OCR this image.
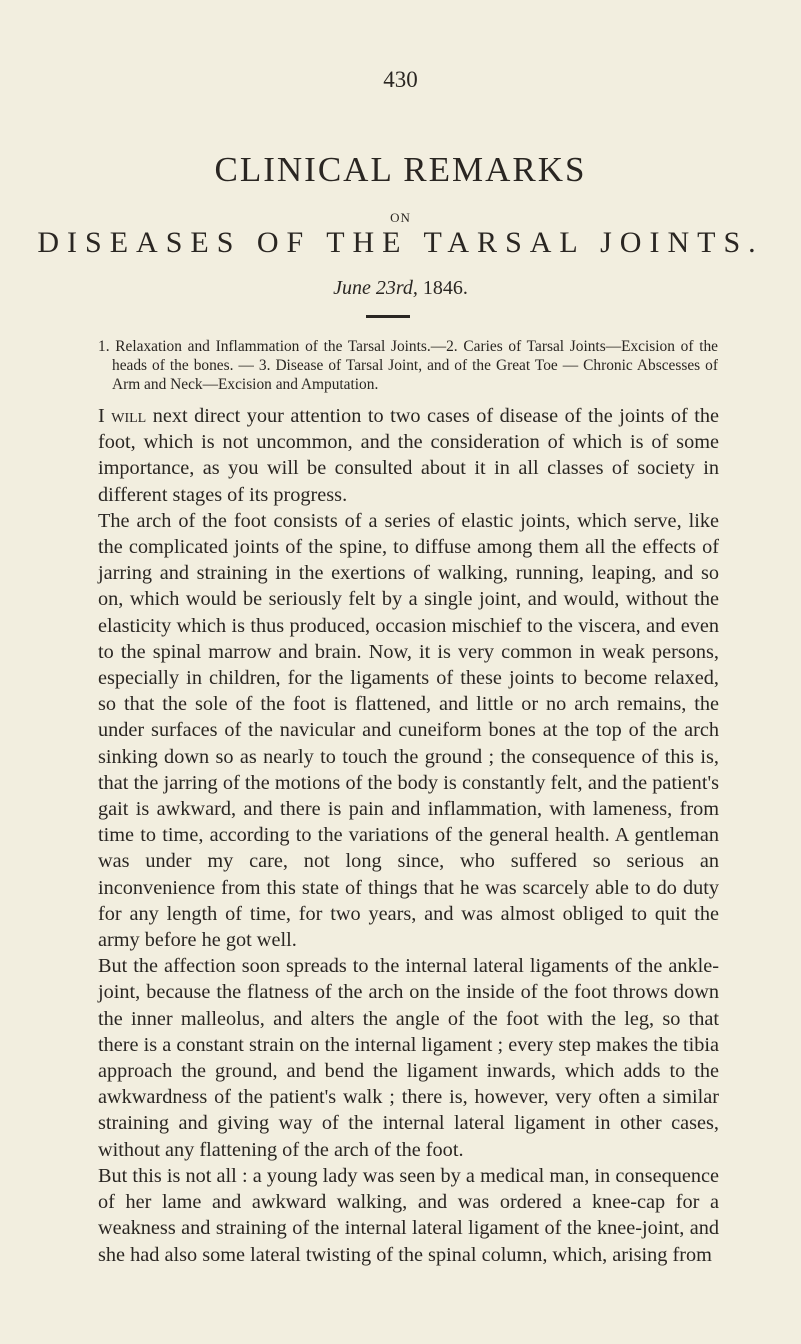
430
CLINICAL REMARKS
ON
DISEASES OF THE TARSAL JOINTS.
June 23rd, 1846.
1. Relaxation and Inflammation of the Tarsal Joints.—2. Caries of Tarsal Joints—Excision of the heads of the bones. — 3. Disease of Tarsal Joint, and of the Great Toe — Chronic Abscesses of Arm and Neck—Excision and Amputation.

I will next direct your attention to two cases of disease of the joints of the foot, which is not uncommon, and the consideration of which is of some importance, as you will be consulted about it in all classes of society in different stages of its progress.

The arch of the foot consists of a series of elastic joints, which serve, like the complicated joints of the spine, to diffuse among them all the effects of jarring and straining in the exertions of walking, running, leaping, and so on, which would be seriously felt by a single joint, and would, without the elasticity which is thus produced, occasion mischief to the viscera, and even to the spinal marrow and brain. Now, it is very common in weak persons, especially in children, for the ligaments of these joints to become relaxed, so that the sole of the foot is flattened, and little or no arch remains, the under surfaces of the navicular and cuneiform bones at the top of the arch sinking down so as nearly to touch the ground ; the consequence of this is, that the jarring of the motions of the body is constantly felt, and the patient's gait is awkward, and there is pain and inflammation, with lameness, from time to time, according to the variations of the general health. A gentleman was under my care, not long since, who suffered so serious an inconvenience from this state of things that he was scarcely able to do duty for any length of time, for two years, and was almost obliged to quit the army before he got well.

But the affection soon spreads to the internal lateral ligaments of the ankle-joint, because the flatness of the arch on the inside of the foot throws down the inner malleolus, and alters the angle of the foot with the leg, so that there is a constant strain on the internal ligament ; every step makes the tibia approach the ground, and bend the ligament inwards, which adds to the awkwardness of the patient's walk ; there is, however, very often a similar straining and giving way of the internal lateral ligament in other cases, without any flattening of the arch of the foot.

But this is not all : a young lady was seen by a medical man, in consequence of her lame and awkward walking, and was ordered a knee-cap for a weakness and straining of the internal lateral ligament of the knee-joint, and she had also some lateral twisting of the spinal column, which, arising from
